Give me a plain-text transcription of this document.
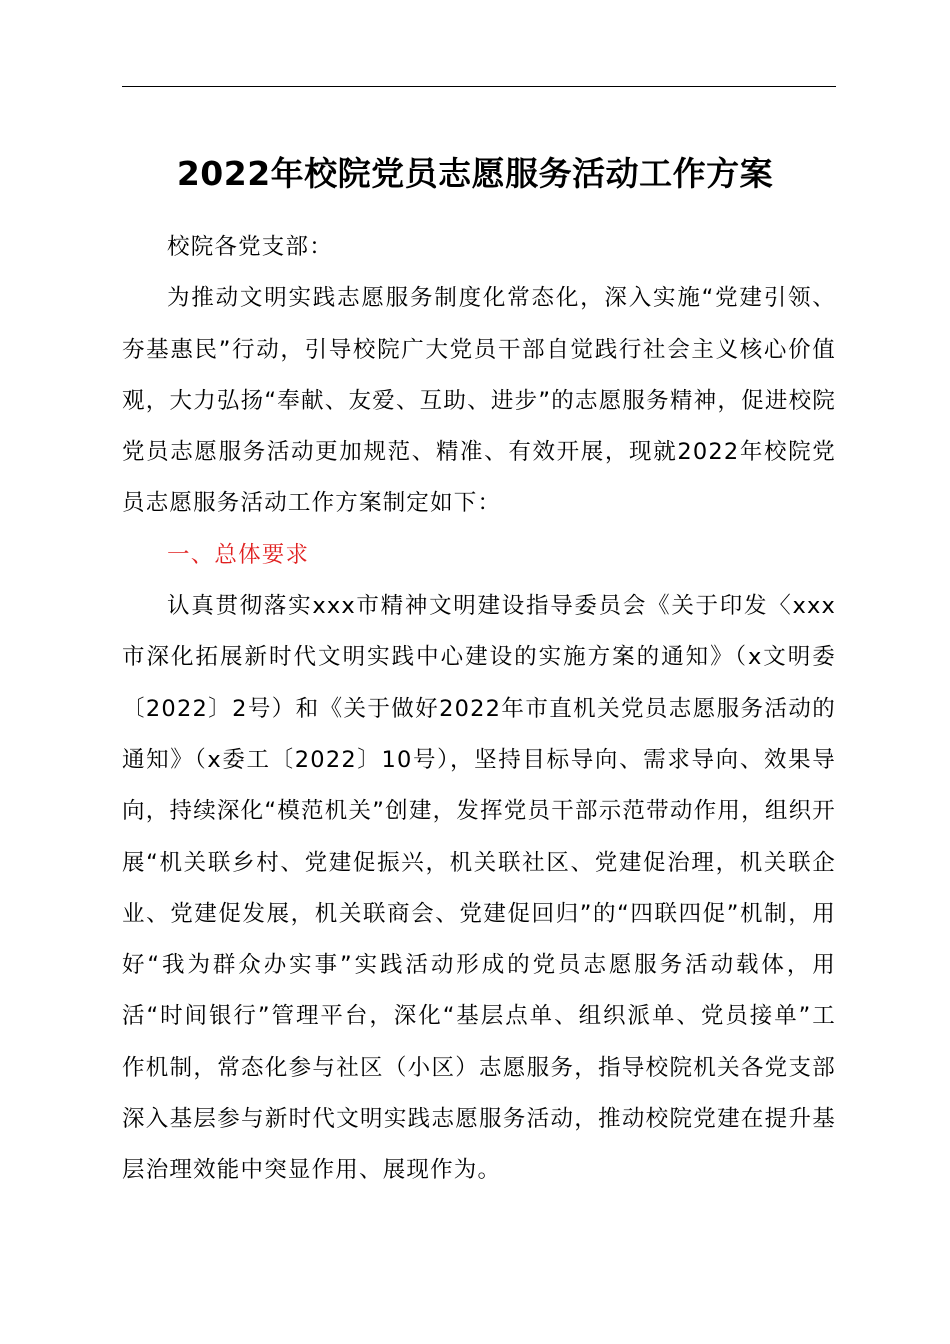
2022年校院党员志愿服务活动工作方案

校院各党支部：

为推动文明实践志愿服务制度化常态化，深入实施“党建引领、夯基惠民”行动，引导校院广大党员干部自觉践行社会主义核心价值观，大力弘扬“奉献、友爱、互助、进步”的志愿服务精神，促进校院党员志愿服务活动更加规范、精准、有效开展，现就2022年校院党员志愿服务活动工作方案制定如下：

一、总体要求

认真贯彻落实xxx市精神文明建设指导委员会《关于印发〈xxx市深化拓展新时代文明实践中心建设的实施方案的通知》（x文明委〔2022〕2号）和《关于做好2022年市直机关党员志愿服务活动的通知》（x委工〔2022〕10号），坚持目标导向、需求导向、效果导向，持续深化“模范机关”创建，发挥党员干部示范带动作用，组织开展“机关联乡村、党建促振兴，机关联社区、党建促治理，机关联企业、党建促发展，机关联商会、党建促回归”的“四联四促”机制，用好“我为群众办实事”实践活动形成的党员志愿服务活动载体，用活“时间银行”管理平台，深化“基层点单、组织派单、党员接单”工作机制，常态化参与社区（小区）志愿服务，指导校院机关各党支部深入基层参与新时代文明实践志愿服务活动，推动校院党建在提升基层治理效能中突显作用、展现作为。
